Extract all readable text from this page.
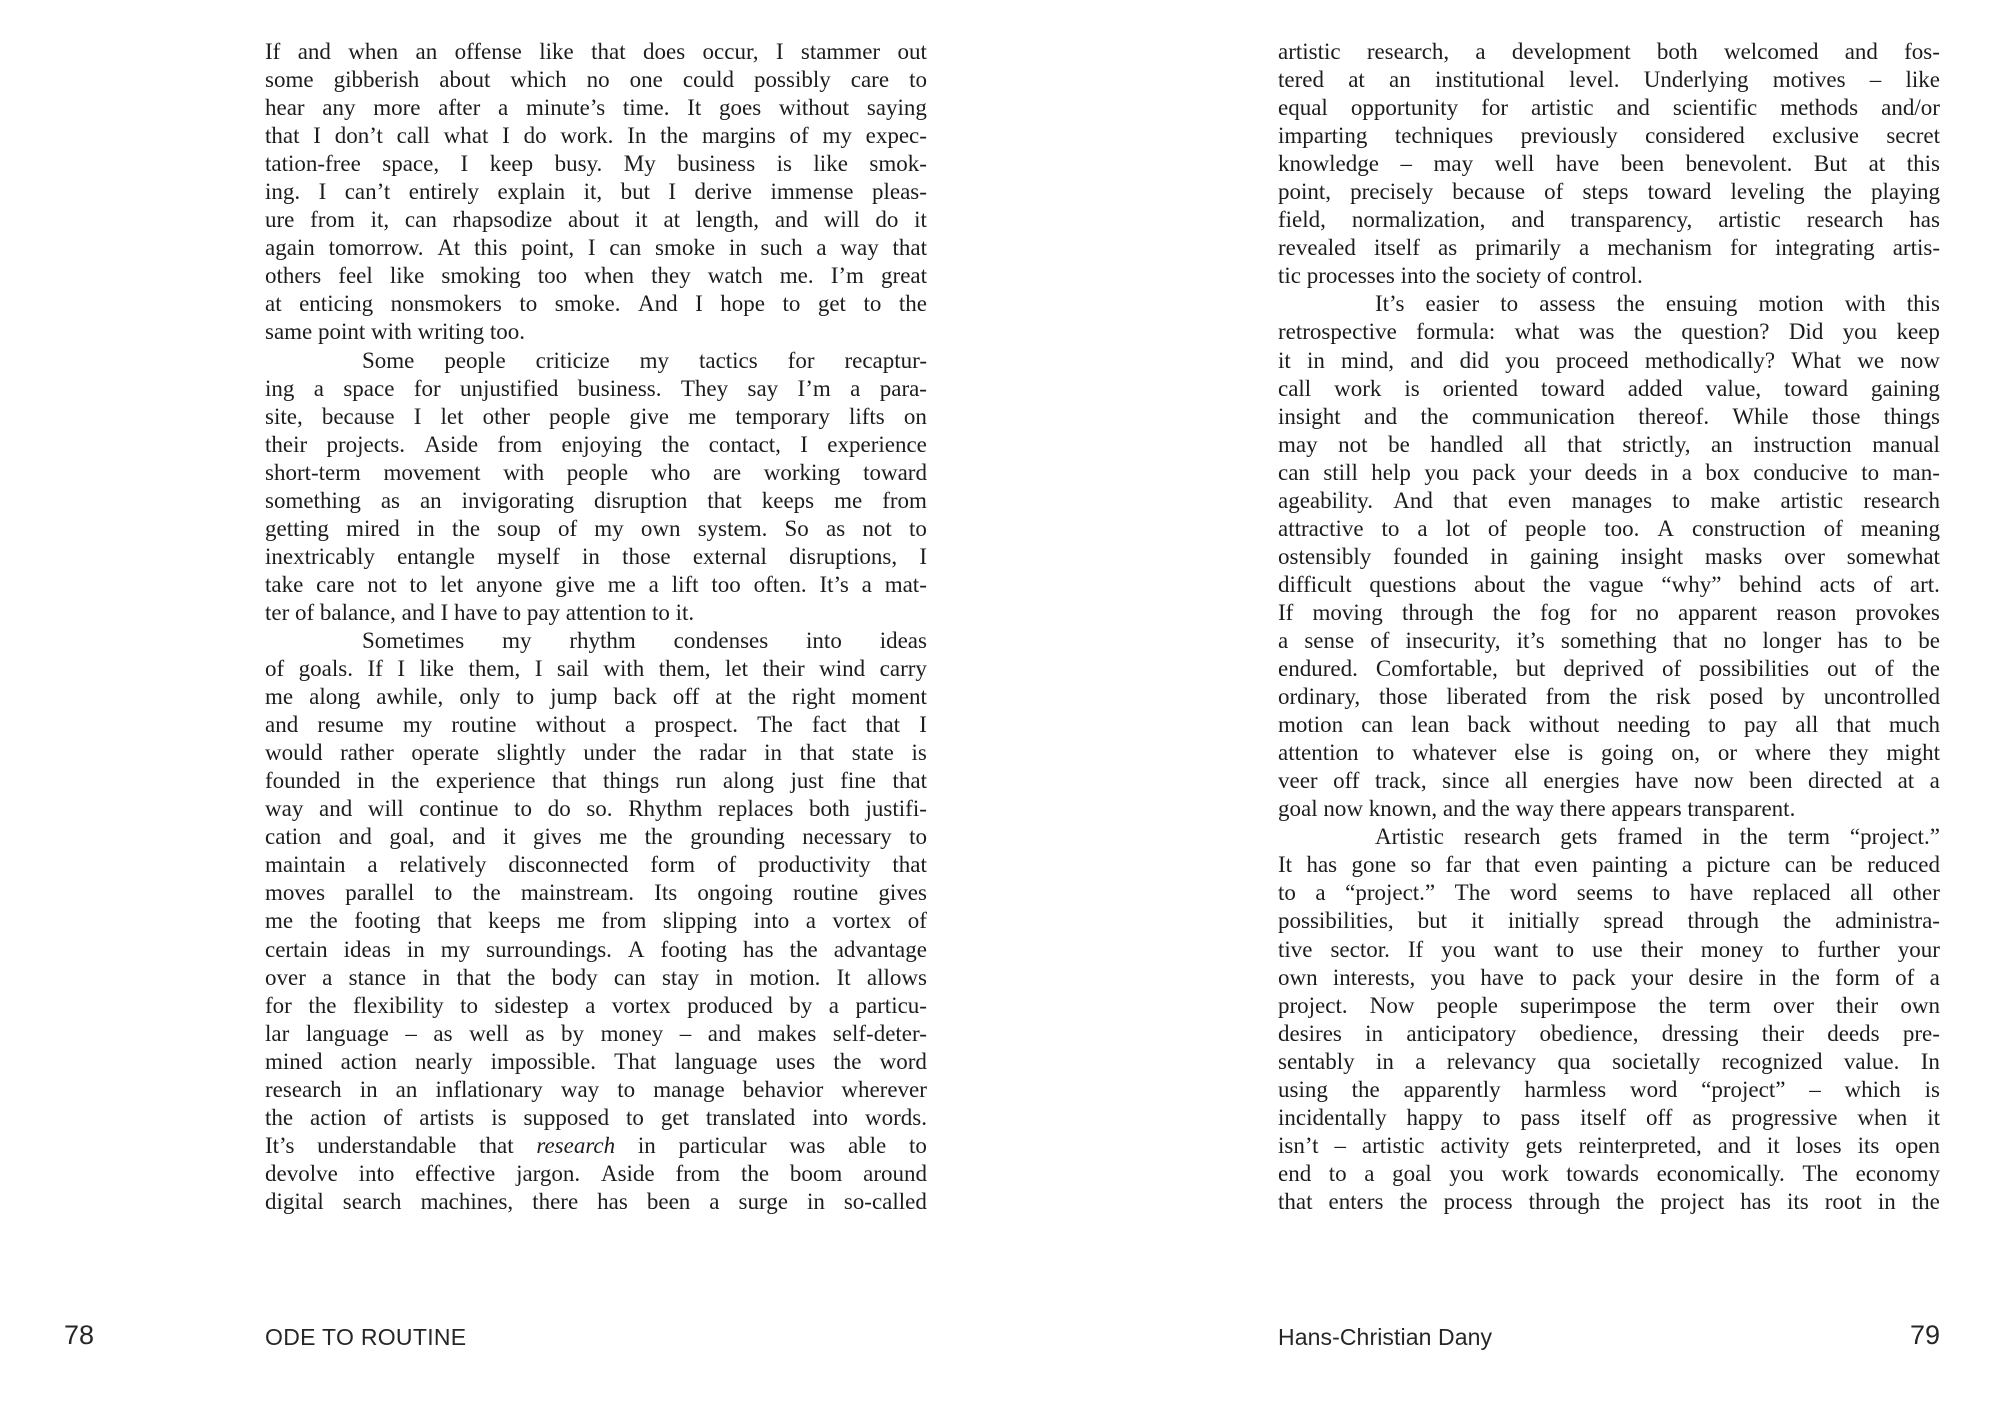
If and when an offense like that does occur, I stammer out
some gibberish about which no one could possibly care to
hear any more after a minute’s time. It goes without saying
that I don’t call what I do work. In the margins of my expec-
tation-free space, I keep busy. My business is like smok-
ing. I can’t entirely explain it, but I derive immense pleas-
ure from it, can rhapsodize about it at length, and will do it
again tomorrow. At this point, I can smoke in such a way that
others feel like smoking too when they watch me. I’m great
at enticing nonsmokers to smoke. And I hope to get to the
same point with writing too.
Some people criticize my tactics for recaptur-
ing a space for unjustified business. They say I’m a para-
site, because I let other people give me temporary lifts on
their projects. Aside from enjoying the contact, I experience
short-term movement with people who are working toward
something as an invigorating disruption that keeps me from
getting mired in the soup of my own system. So as not to
inextricably entangle myself in those external disruptions, I
take care not to let anyone give me a lift too often. It’s a mat-
ter of balance, and I have to pay attention to it.
Sometimes my rhythm condenses into ideas
of goals. If I like them, I sail with them, let their wind carry
me along awhile, only to jump back off at the right moment
and resume my routine without a prospect. The fact that I
would rather operate slightly under the radar in that state is
founded in the experience that things run along just fine that
way and will continue to do so. Rhythm replaces both justifi-
cation and goal, and it gives me the grounding necessary to
maintain a relatively disconnected form of productivity that
moves parallel to the mainstream. Its ongoing routine gives
me the footing that keeps me from slipping into a vortex of
certain ideas in my surroundings. A footing has the advantage
over a stance in that the body can stay in motion. It allows
for the flexibility to sidestep a vortex produced by a particu-
lar language – as well as by money – and makes self-deter-
mined action nearly impossible. That language uses the word
research in an inflationary way to manage behavior wherever
the action of artists is supposed to get translated into words.
It’s understandable that research in particular was able to
devolve into effective jargon. Aside from the boom around
digital search machines, there has been a surge in so-called
artistic research, a development both welcomed and fos-
tered at an institutional level. Underlying motives – like
equal opportunity for artistic and scientific methods and/or
imparting techniques previously considered exclusive secret
knowledge – may well have been benevolent. But at this
point, precisely because of steps toward leveling the playing
field, normalization, and transparency, artistic research has
revealed itself as primarily a mechanism for integrating artis-
tic processes into the society of control.
It’s easier to assess the ensuing motion with this
retrospective formula: what was the question? Did you keep
it in mind, and did you proceed methodically? What we now
call work is oriented toward added value, toward gaining
insight and the communication thereof. While those things
may not be handled all that strictly, an instruction manual
can still help you pack your deeds in a box conducive to man-
ageability. And that even manages to make artistic research
attractive to a lot of people too. A construction of meaning
ostensibly founded in gaining insight masks over somewhat
difficult questions about the vague “why” behind acts of art.
If moving through the fog for no apparent reason provokes
a sense of insecurity, it’s something that no longer has to be
endured. Comfortable, but deprived of possibilities out of the
ordinary, those liberated from the risk posed by uncontrolled
motion can lean back without needing to pay all that much
attention to whatever else is going on, or where they might
veer off track, since all energies have now been directed at a
goal now known, and the way there appears transparent.
Artistic research gets framed in the term “project.”
It has gone so far that even painting a picture can be reduced
to a “project.” The word seems to have replaced all other
possibilities, but it initially spread through the administra-
tive sector. If you want to use their money to further your
own interests, you have to pack your desire in the form of a
project. Now people superimpose the term over their own
desires in anticipatory obedience, dressing their deeds pre-
sentably in a relevancy qua societally recognized value. In
using the apparently harmless word “project” – which is
incidentally happy to pass itself off as progressive when it
isn’t – artistic activity gets reinterpreted, and it loses its open
end to a goal you work towards economically. The economy
that enters the process through the project has its root in the
78	ODE TO ROUTINE	Hans-Christian Dany	79
